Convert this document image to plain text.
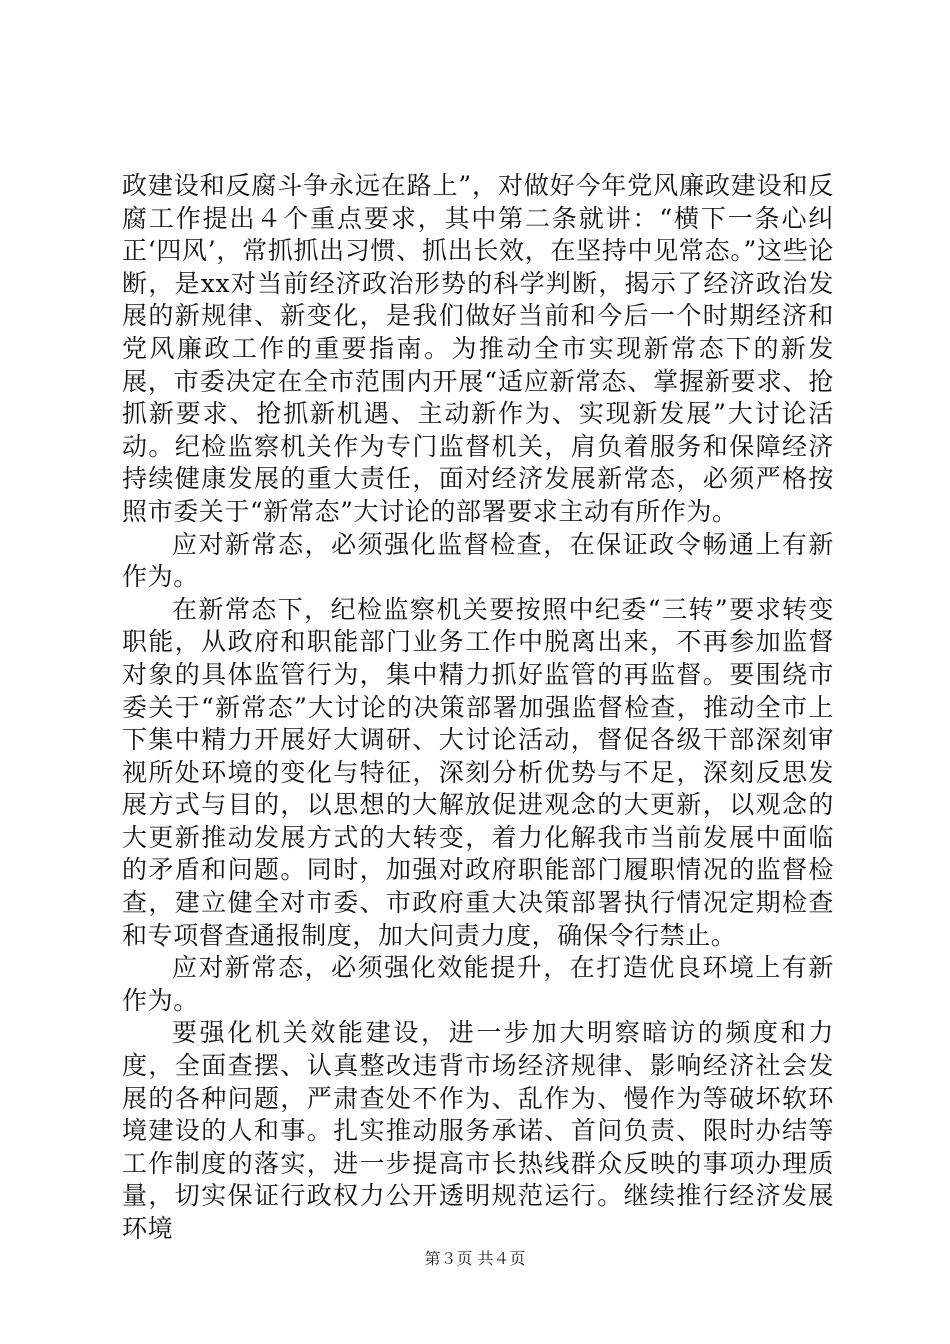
政建设和反腐斗争永远在路上”，对做好今年党风廉政建设和反腐工作提出４个重点要求，其中第二条就讲：“横下一条心纠正‘四风’，常抓抓出习惯、抓出长效，在坚持中见常态。”这些论断，是xx对当前经济政治形势的科学判断，揭示了经济政治发展的新规律、新变化，是我们做好当前和今后一个时期经济和党风廉政工作的重要指南。为推动全市实现新常态下的新发展，市委决定在全市范围内开展“适应新常态、掌握新要求、抢抓新要求、抢抓新机遇、主动新作为、实现新发展”大讨论活动。纪检监察机关作为专门监督机关，肩负着服务和保障经济持续健康发展的重大责任，面对经济发展新常态，必须严格按照市委关于“新常态”大讨论的部署要求主动有所作为。

应对新常态，必须强化监督检查，在保证政令畅通上有新作为。

在新常态下，纪检监察机关要按照中纪委“三转”要求转变职能，从政府和职能部门业务工作中脱离出来，不再参加监督对象的具体监管行为，集中精力抓好监管的再监督。要围绕市委关于“新常态”大讨论的决策部署加强监督检查，推动全市上下集中精力开展好大调研、大讨论活动，督促各级干部深刻审视所处环境的变化与特征，深刻分析优势与不足，深刻反思发展方式与目的，以思想的大解放促进观念的大更新，以观念的大更新推动发展方式的大转变，着力化解我市当前发展中面临的矛盾和问题。同时，加强对政府职能部门履职情况的监督检查，建立健全对市委、市政府重大决策部署执行情况定期检查和专项督查通报制度，加大问责力度，确保令行禁止。

应对新常态，必须强化效能提升，在打造优良环境上有新作为。

要强化机关效能建设，进一步加大明察暗访的频度和力度，全面查摆、认真整改违背市场经济规律、影响经济社会发展的各种问题，严肃查处不作为、乱作为、慢作为等破坏软环境建设的人和事。扎实推动服务承诺、首问负责、限时办结等工作制度的落实，进一步提高市长热线群众反映的事项办理质量，切实保证行政权力公开透明规范运行。继续推行经济发展环境

第３页 共４页
